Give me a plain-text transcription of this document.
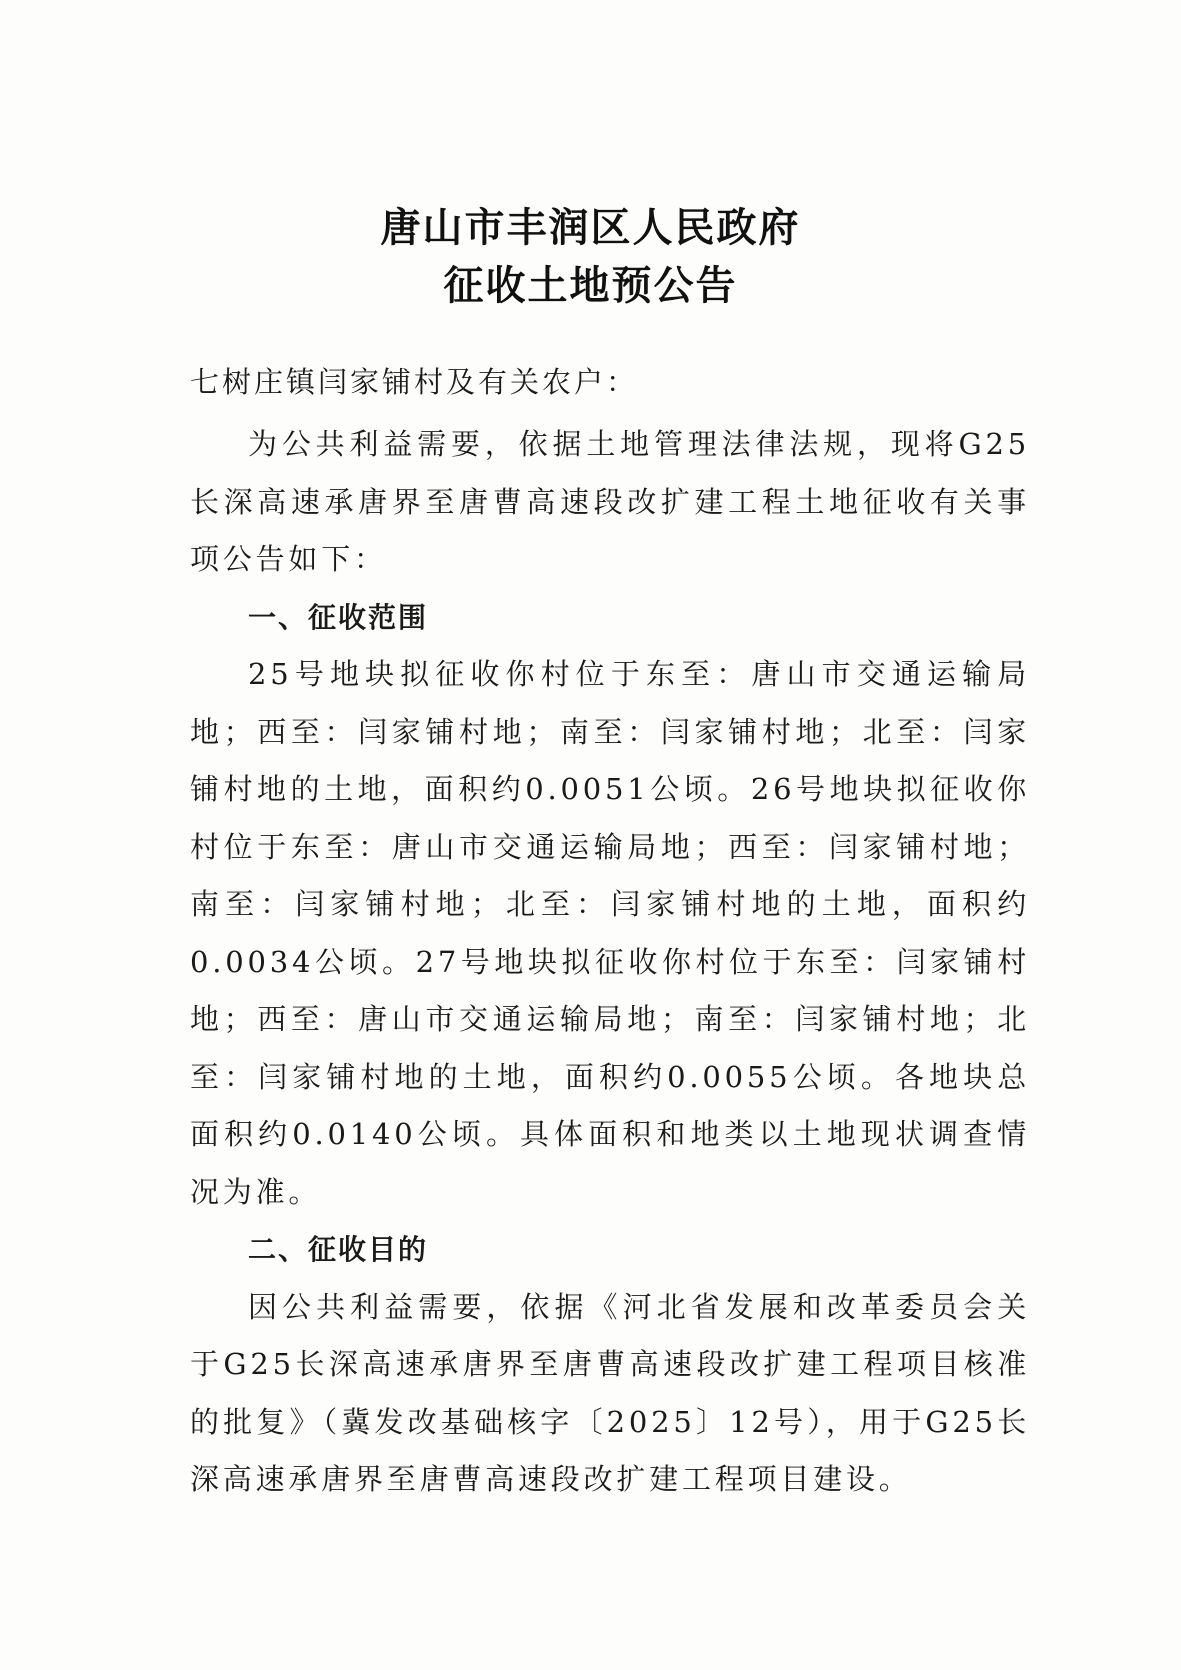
唐山市丰润区人民政府
征收土地预公告
七树庄镇闫家铺村及有关农户：

为公共利益需要，依据土地管理法律法规，现将G25长深高速承唐界至唐曹高速段改扩建工程土地征收有关事项公告如下：

一、征收范围

25号地块拟征收你村位于东至：唐山市交通运输局地；西至：闫家铺村地；南至：闫家铺村地；北至：闫家铺村地的土地，面积约0.0051公顷。26号地块拟征收你村位于东至：唐山市交通运输局地；西至：闫家铺村地；南至：闫家铺村地；北至：闫家铺村地的土地，面积约0.0034公顷。27号地块拟征收你村位于东至：闫家铺村地；西至：唐山市交通运输局地；南至：闫家铺村地；北至：闫家铺村地的土地，面积约0.0055公顷。各地块总面积约0.0140公顷。具体面积和地类以土地现状调查情况为准。

二、征收目的

因公共利益需要，依据《河北省发展和改革委员会关于G25长深高速承唐界至唐曹高速段改扩建工程项目核准的批复》（冀发改基础核字〔2025〕12号），用于G25长深高速承唐界至唐曹高速段改扩建工程项目建设。
